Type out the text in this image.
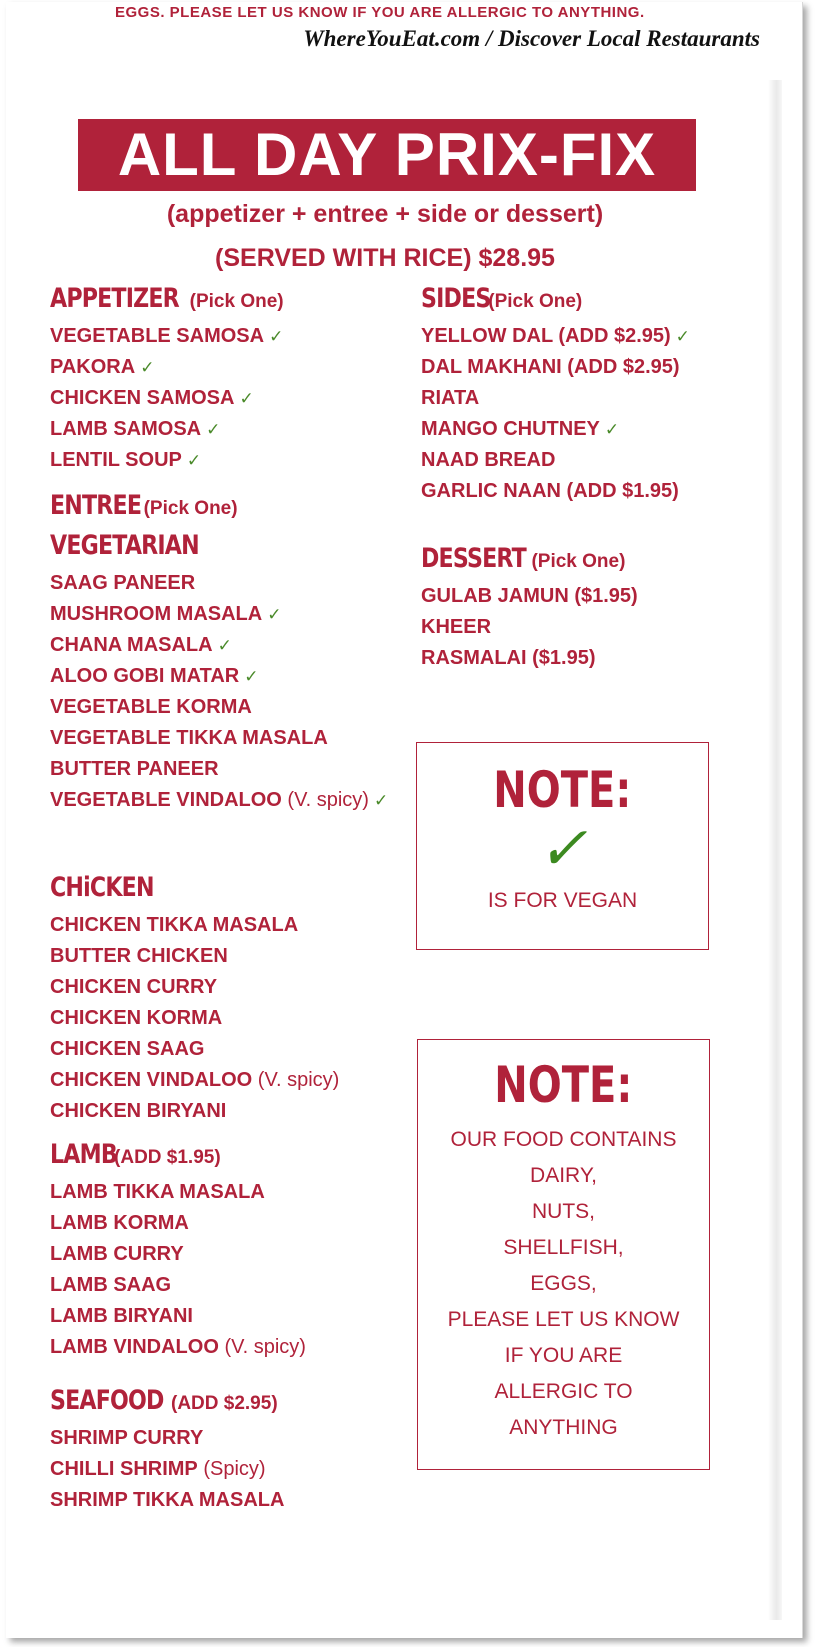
EGGS. PLEASE LET US KNOW IF YOU ARE ALLERGIC TO ANYTHING.
WhereYouEat.com / Discover Local Restaurants
ALL DAY PRIX-FIX
(appetizer + entree + side or dessert)
(SERVED WITH RICE) $28.95
APPETIZER (Pick One)
VEGETABLE SAMOSA ✓
PAKORA ✓
CHICKEN SAMOSA ✓
LAMB SAMOSA ✓
LENTIL SOUP ✓
ENTREE (Pick One)
VEGETARIAN
SAAG PANEER
MUSHROOM MASALA ✓
CHANA MASALA ✓
ALOO GOBI MATAR ✓
VEGETABLE KORMA
VEGETABLE TIKKA MASALA
BUTTER PANEER
VEGETABLE VINDALOO (V. spicy) ✓
CHiCKEN
CHICKEN TIKKA MASALA
BUTTER CHICKEN
CHICKEN CURRY
CHICKEN KORMA
CHICKEN SAAG
CHICKEN VINDALOO (V. spicy)
CHICKEN BIRYANI
LAMB (ADD $1.95)
LAMB TIKKA MASALA
LAMB KORMA
LAMB CURRY
LAMB SAAG
LAMB BIRYANI
LAMB VINDALOO (V. spicy)
SEAFOOD (ADD $2.95)
SHRIMP CURRY
CHILLI SHRIMP (Spicy)
SHRIMP TIKKA MASALA
SIDES (Pick One)
YELLOW DAL (ADD $2.95) ✓
DAL MAKHANI (ADD $2.95)
RIATA
MANGO CHUTNEY ✓
NAAD BREAD
GARLIC NAAN (ADD $1.95)
DESSERT (Pick One)
GULAB JAMUN ($1.95)
KHEER
RASMALAI ($1.95)
NOTE:
✓
IS FOR VEGAN
NOTE:
OUR FOOD CONTAINS
DAIRY,
NUTS,
SHELLFISH,
EGGS,
PLEASE LET US KNOW
IF YOU ARE
ALLERGIC TO
ANYTHING
